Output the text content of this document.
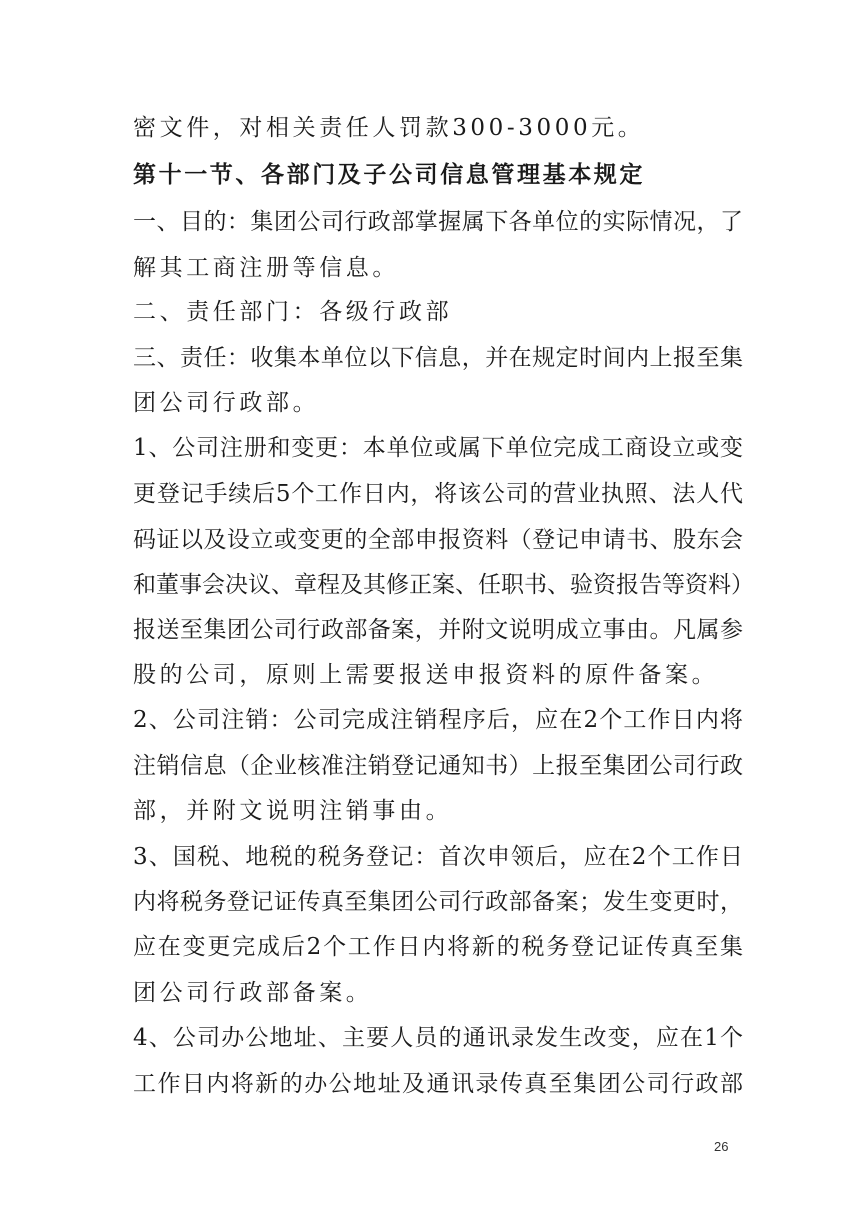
密文件，对相关责任人罚款300-3000元。
第十一节、各部门及子公司信息管理基本规定
一、目的：集团公司行政部掌握属下各单位的实际情况，了
解其工商注册等信息。
二、责任部门：各级行政部
三、责任：收集本单位以下信息，并在规定时间内上报至集
团公司行政部。
1、公司注册和变更：本单位或属下单位完成工商设立或变
更登记手续后5个工作日内，将该公司的营业执照、法人代
码证以及设立或变更的全部申报资料（登记申请书、股东会
和董事会决议、章程及其修正案、任职书、验资报告等资料）
报送至集团公司行政部备案，并附文说明成立事由。凡属参
股的公司，原则上需要报送申报资料的原件备案。
2、公司注销：公司完成注销程序后，应在2个工作日内将
注销信息（企业核准注销登记通知书）上报至集团公司行政
部，并附文说明注销事由。
3、国税、地税的税务登记：首次申领后，应在2个工作日
内将税务登记证传真至集团公司行政部备案；发生变更时，
应在变更完成后2个工作日内将新的税务登记证传真至集
团公司行政部备案。
4、公司办公地址、主要人员的通讯录发生改变，应在1个
工作日内将新的办公地址及通讯录传真至集团公司行政部
26
